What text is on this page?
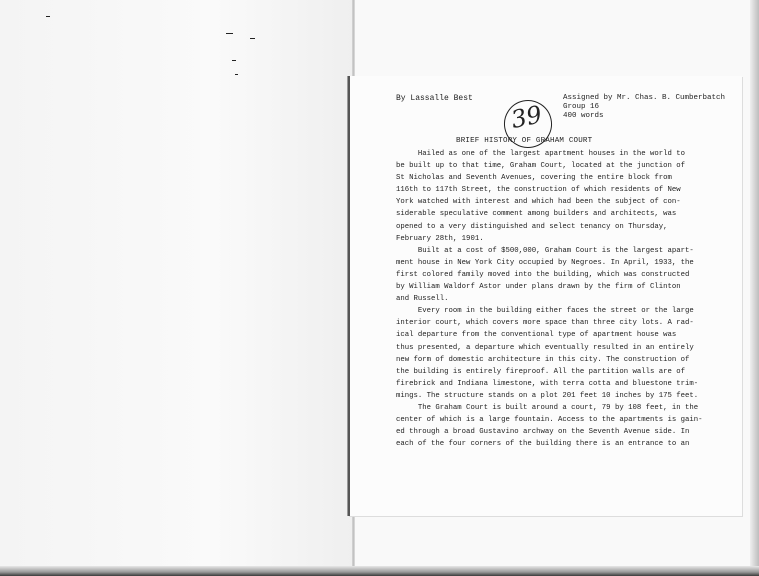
By Lassalle Best
39
Assigned by Mr. Chas. B. Cumberbatch
Group 16
400 words
BRIEF HISTORY OF GRAHAM COURT
Hailed as one of the largest apartment houses in the world to
be built up to that time, Graham Court, located at the junction of
St Nicholas and Seventh Avenues, covering the entire block from
116th to 117th Street, the construction of which residents of New
York watched with interest and which had been the subject of con-
siderable speculative comment among builders and architects, was
opened to a very distinguished and select tenancy on Thursday,
February 28th, 1901.
Built at a cost of $500,000, Graham Court is the largest apart-
ment house in New York City occupied by Negroes. In April, 1933, the
first colored family moved into the building, which was constructed
by William Waldorf Astor under plans drawn by the firm of Clinton
and Russell.
Every room in the building either faces the street or the large
interior court, which covers more space than three city lots. A rad-
ical departure from the conventional type of apartment house was
thus presented, a departure which eventually resulted in an entirely
new form of domestic architecture in this city. The construction of
the building is entirely fireproof. All the partition walls are of
firebrick and Indiana limestone, with terra cotta and bluestone trim-
mings. The structure stands on a plot 201 feet 10 inches by 175 feet.
The Graham Court is built around a court, 79 by 108 feet, in the
center of which is a large fountain. Access to the apartments is gain-
ed through a broad Gustavino archway on the Seventh Avenue side. In
each of the four corners of the building there is an entrance to an
